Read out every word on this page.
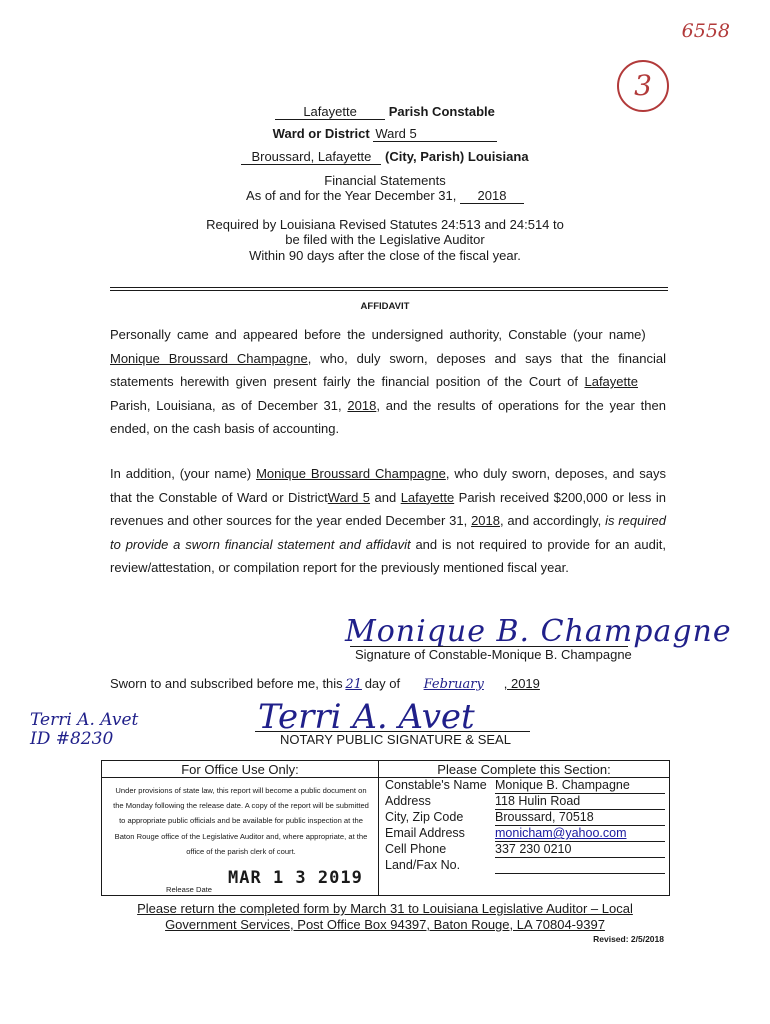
6558
3
Lafayette Parish Constable
Ward or District Ward 5
Broussard, Lafayette (City, Parish) Louisiana
Financial Statements
As of and for the Year December 31, 2018
Required by Louisiana Revised Statutes 24:513 and 24:514 to
be filed with the Legislative Auditor
Within 90 days after the close of the fiscal year.
AFFIDAVIT
Personally came and appeared before the undersigned authority, Constable (your name) Monique Broussard Champagne, who, duly sworn, deposes and says that the financial statements herewith given present fairly the financial position of the Court of Lafayette Parish, Louisiana, as of December 31, 2018, and the results of operations for the year then ended, on the cash basis of accounting.
In addition, (your name) Monique Broussard Champagne, who duly sworn, deposes, and says that the Constable of Ward or DistrictWard 5 and Lafayette Parish received $200,000 or less in revenues and other sources for the year ended December 31, 2018, and accordingly, is required to provide a sworn financial statement and affidavit and is not required to provide for an audit, review/attestation, or compilation report for the previously mentioned fiscal year.
Monique B. Champagne
Signature of Constable-Monique B. Champagne
Sworn to and subscribed before me, this 21 day of February , 2019
Terri A. Avet
ID #8230
Terri A. Avet
NOTARY PUBLIC SIGNATURE & SEAL
For Office Use Only:	Please Complete this Section:
Under provisions of state law, this report will become a public document on the Monday following the release date. A copy of the report will be submitted to appropriate public officials and be available for public inspection at the Baton Rouge office of the Legislative Auditor and, where appropriate, at the office of the parish clerk of court.
Release Date
MAR 1 3 2019
Constable's Name Monique B. Champagne
Address	118 Hulin Road
City, Zip Code	Broussard, 70518
Email Address monicham@yahoo.com
Cell Phone	337 230 0210
Land/Fax No.
Please return the completed form by March 31 to Louisiana Legislative Auditor – Local Government Services, Post Office Box 94397, Baton Rouge, LA 70804-9397
Revised: 2/5/2018
